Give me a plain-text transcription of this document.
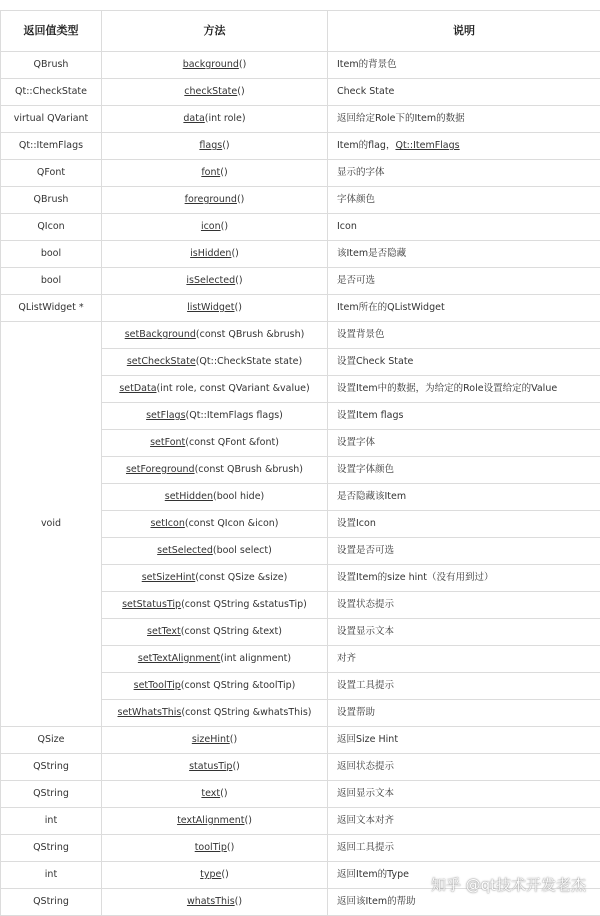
返回值类型	方法	说明
QBrush	background()	Item的背景色
Qt::CheckState	checkState()	Check State
virtual QVariant	data(int role)	返回给定Role下的Item的数据
Qt::ItemFlags	flags()	Item的flag，Qt::ItemFlags
QFont	font()	显示的字体
QBrush	foreground()	字体颜色
QIcon	icon()	Icon
bool	isHidden()	该Item是否隐藏
bool	isSelected()	是否可选
QListWidget *	listWidget()	Item所在的QListWidget
void	setBackground(const QBrush &brush)	设置背景色
	setCheckState(Qt::CheckState state)	设置Check State
	setData(int role, const QVariant &value)	设置Item中的数据，为给定的Role设置给定的Value
	setFlags(Qt::ItemFlags flags)	设置Item flags
	setFont(const QFont &font)	设置字体
	setForeground(const QBrush &brush)	设置字体颜色
	setHidden(bool hide)	是否隐藏该Item
	setIcon(const QIcon &icon)	设置Icon
	setSelected(bool select)	设置是否可选
	setSizeHint(const QSize &size)	设置Item的size hint（没有用到过）
	setStatusTip(const QString &statusTip)	设置状态提示
	setText(const QString &text)	设置显示文本
	setTextAlignment(int alignment)	对齐
	setToolTip(const QString &toolTip)	设置工具提示
	setWhatsThis(const QString &whatsThis)	设置帮助
QSize	sizeHint()	返回Size Hint
QString	statusTip()	返回状态提示
QString	text()	返回显示文本
int	textAlignment()	返回文本对齐
QString	toolTip()	返回工具提示
int	type()	返回Item的Type
QString	whatsThis()	返回该Item的帮助
知乎 @qt技术开发老杰
